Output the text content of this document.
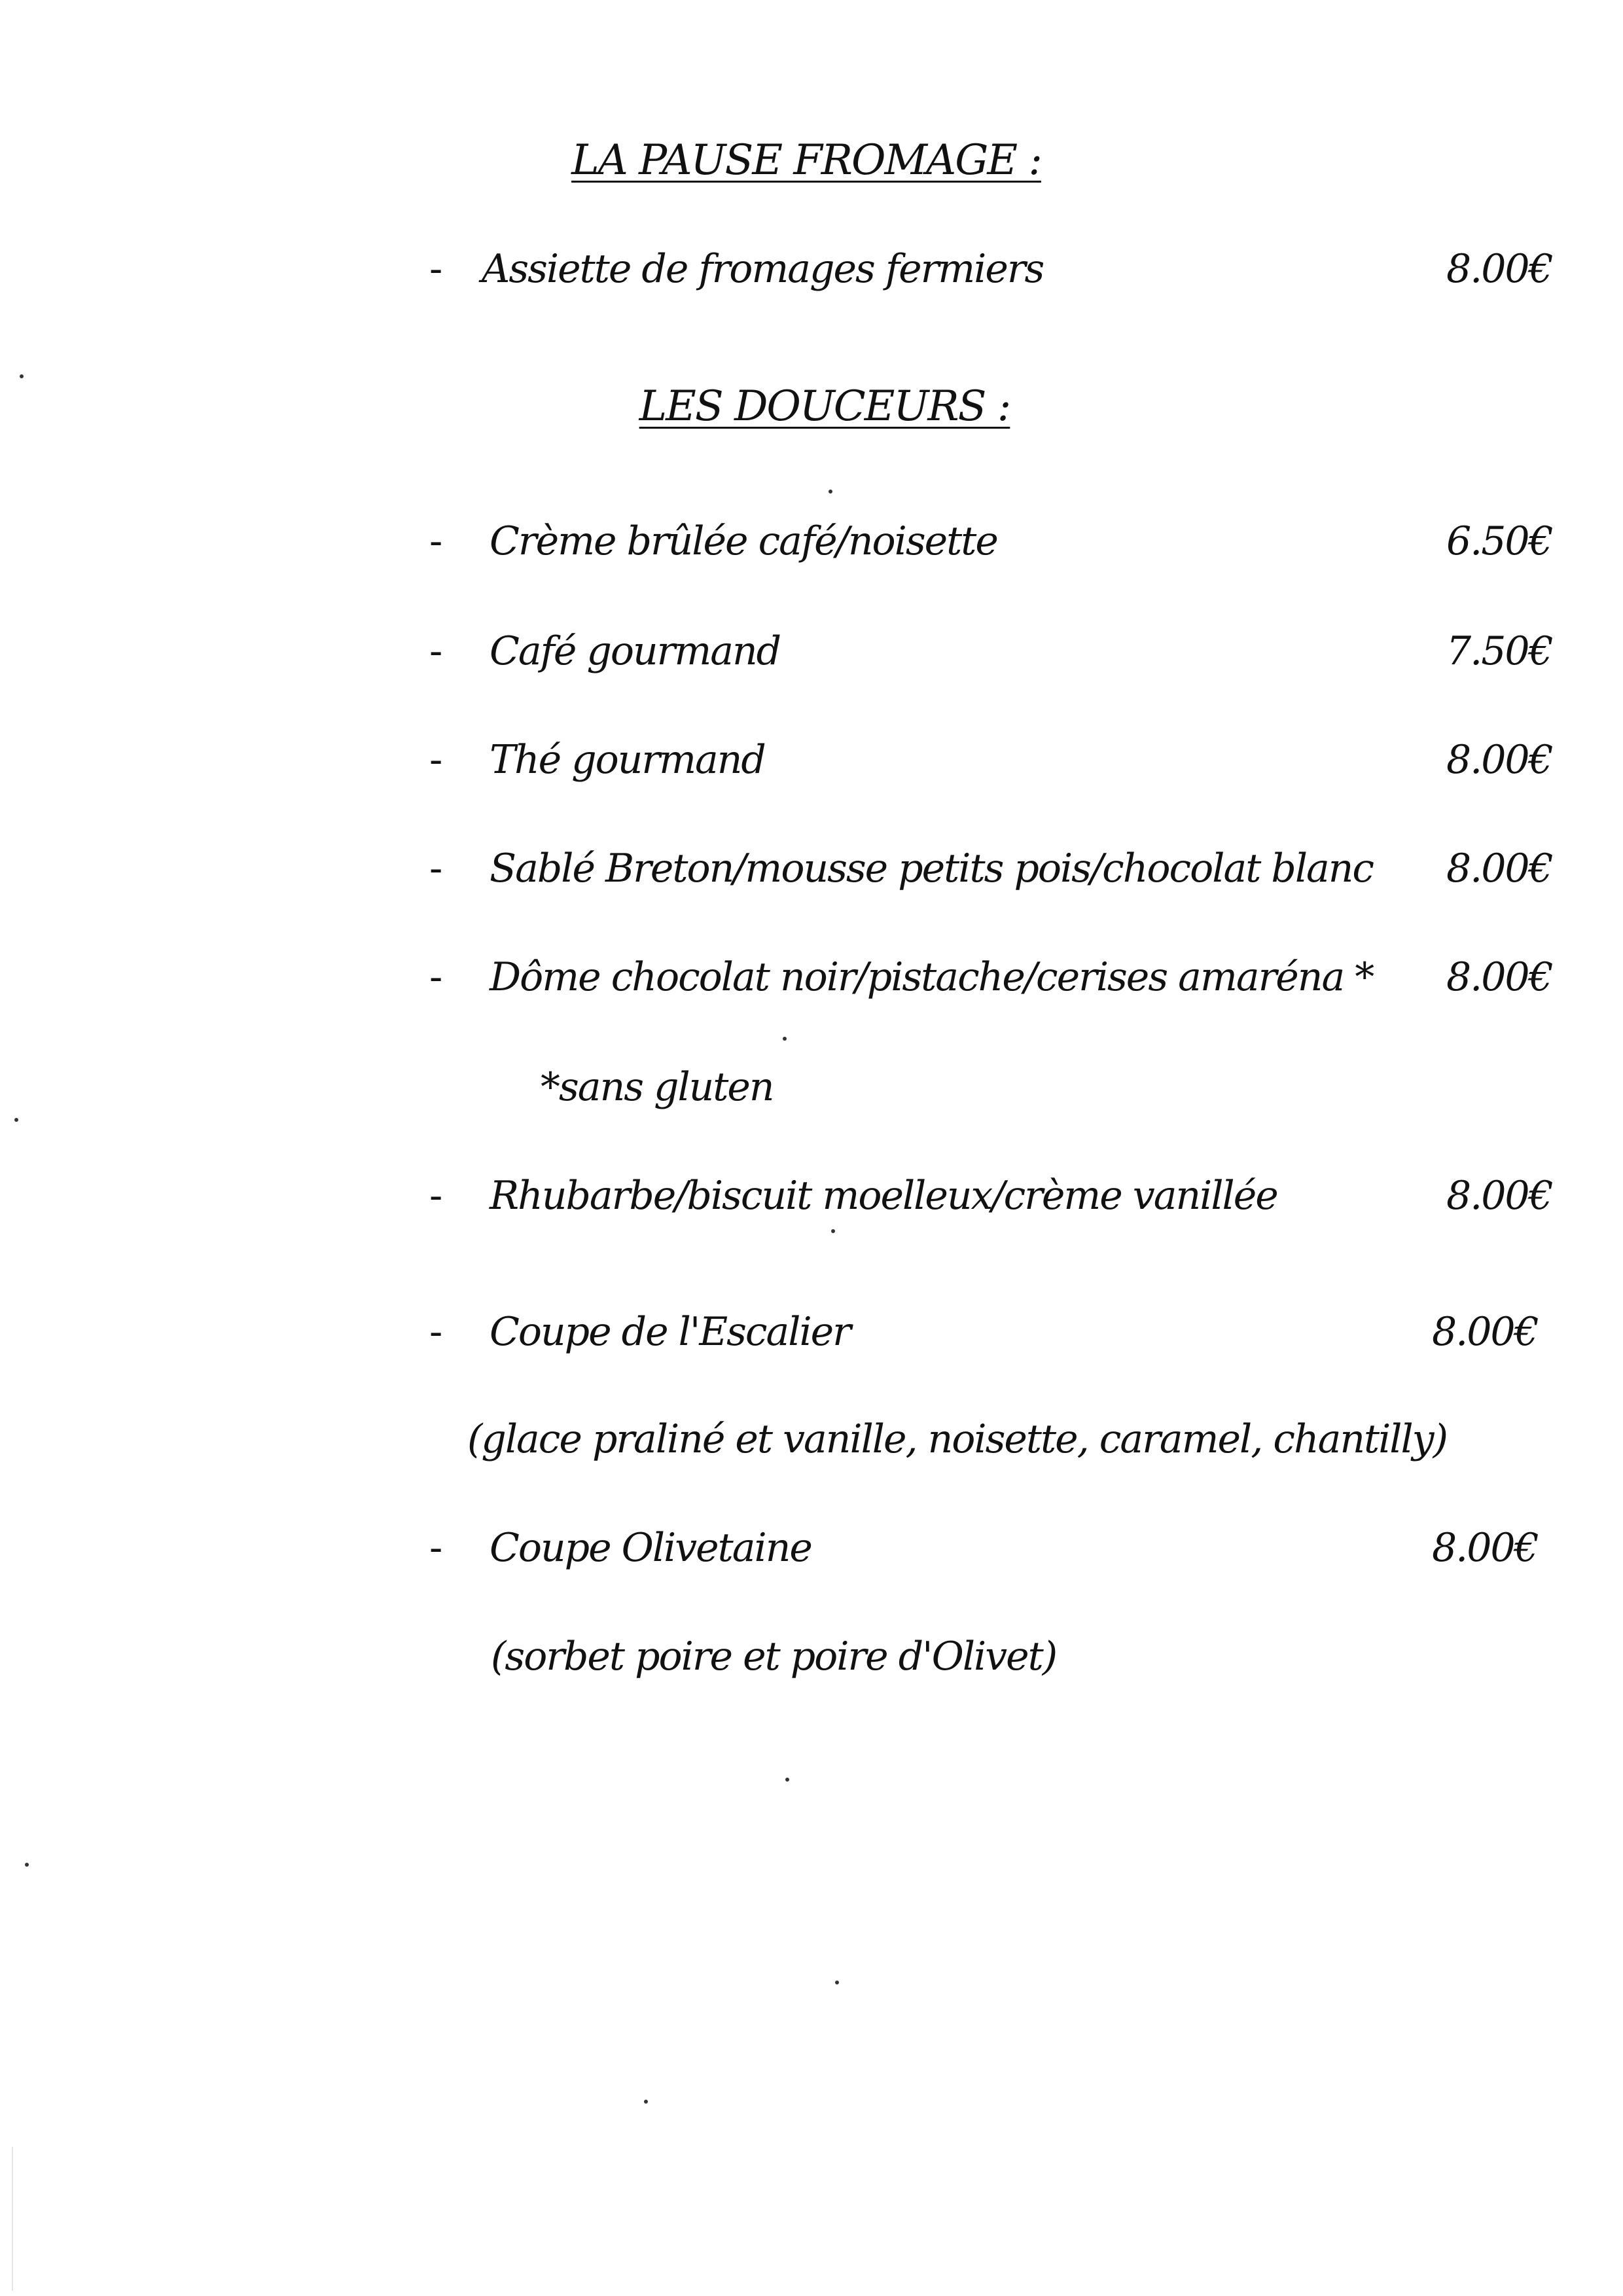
LA PAUSE FROMAGE :
- Assiette de fromages fermiers	8.00€
LES DOUCEURS :
- Crème brûlée café/noisette	6.50€
- Café gourmand	7.50€
- Thé gourmand	8.00€
- Sablé Breton/mousse petits pois/chocolat blanc 8.00€
- Dôme chocolat noir/pistache/cerises amaréna * 8.00€
*sans gluten
- Rhubarbe/biscuit moelleux/crème vanillée	8.00€
- Coupe de l'Escalier	8.00€
(glace praliné et vanille, noisette, caramel, chantilly)
- Coupe Olivetaine	8.00€
(sorbet poire et poire d'Olivet)
